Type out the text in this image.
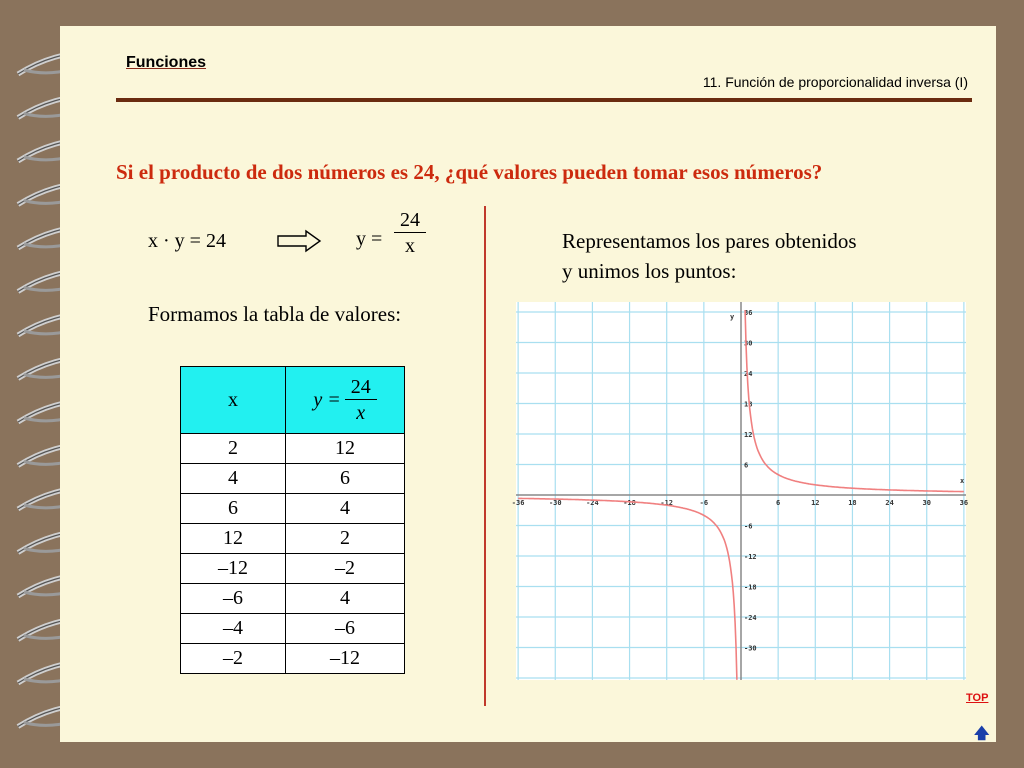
Funciones
11. Función de proporcionalidad inversa (I)
Si el producto de dos números es 24, ¿qué valores pueden tomar esos números?
x · y = 24	$y = \frac{24}{x}$
Formamos la tabla de valores:
Representamos los pares obtenidos
y unimos los puntos:
x	$y = \frac{24}{x}$

2	12
4	6
6	4
12	2
–12	–2
–6	4
–4	–6
–2	–12
-36	-30	-24	-18	-12	-6	6	12	18	24	30	36
36
30
24
18
12
6
-6
-12
-18
-24
-30
x
y
TOP
🡅
